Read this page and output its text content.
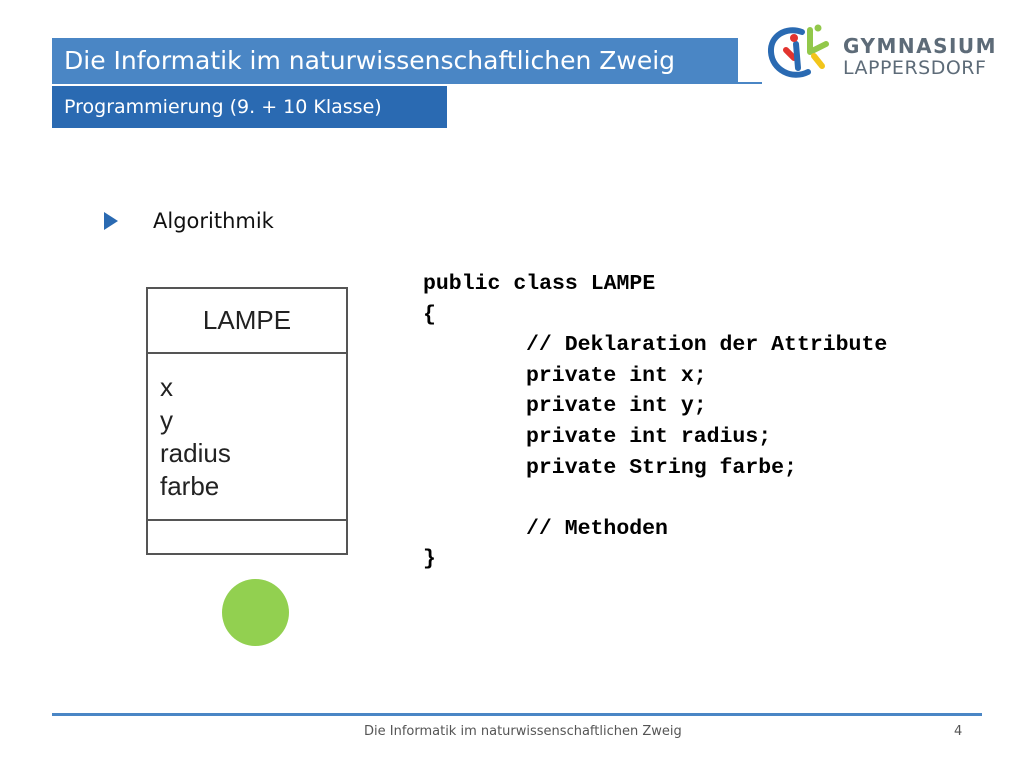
Die Informatik im naturwissenschaftlichen Zweig
Programmierung (9. + 10 Klasse)
GYMNASIUM
LAPPERSDORF
Algorithmik
LAMPE
x
y
radius
farbe
public class LAMPE
{
// Deklaration der Attribute
private int x;
private int y;
private int radius;
private String farbe;
// Methoden
}
Die Informatik im naturwissenschaftlichen Zweig	4
